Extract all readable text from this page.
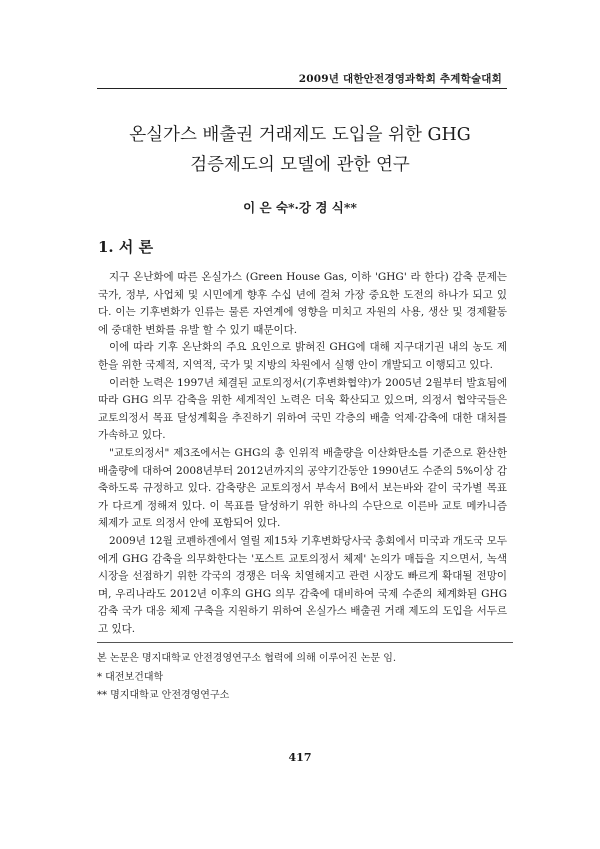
2009년 대한안전경영과학회 추계학술대회
온실가스 배출권 거래제도 도입을 위한 GHG
검증제도의 모델에 관한 연구
이 은 숙*·강 경 식**
1. 서 론

지구 온난화에 따른 온실가스 (Green House Gas, 이하 'GHG' 라 한다) 감축 문제는 국가, 정부, 사업체 및 시민에게 향후 수십 년에 걸쳐 가장 중요한 도전의 하나가 되고 있다. 이는 기후변화가 인류는 물론 자연계에 영향을 미치고 자원의 사용, 생산 및 경제활동에 중대한 변화를 유발 할 수 있기 때문이다.

이에 따라 기후 온난화의 주요 요인으로 밝혀진 GHG에 대해 지구대기권 내의 농도 제한을 위한 국제적, 지역적, 국가 및 지방의 차원에서 실행 안이 개발되고 이행되고 있다.

이러한 노력은 1997년 체결된 교토의정서(기후변화협약)가 2005년 2월부터 발효됨에 따라 GHG 의무 감축을 위한 세계적인 노력은 더욱 확산되고 있으며, 의정서 협약국들은 교토의정서 목표 달성계획을 추진하기 위하여 국민 각층의 배출 억제·감축에 대한 대처를 가속하고 있다.

"교토의정서" 제3조에서는 GHG의 총 인위적 배출량을 이산화탄소를 기준으로 환산한 배출량에 대하여 2008년부터 2012년까지의 공약기간동안 1990년도 수준의 5%이상 감축하도록 규정하고 있다. 감축량은 교토의정서 부속서 B에서 보는바와 같이 국가별 목표가 다르게 정해져 있다. 이 목표를 달성하기 위한 하나의 수단으로 이른바 교토 메카니즘 체제가 교토 의정서 안에 포함되어 있다.

2009년 12월 코펜하겐에서 열릴 제15차 기후변화당사국 총회에서 미국과 개도국 모두에게 GHG 감축을 의무화한다는 '포스트 교토의정서 체제' 논의가 매듭을 지으면서, 녹색시장을 선점하기 위한 각국의 경쟁은 더욱 치열해지고 관련 시장도 빠르게 확대될 전망이며, 우리나라도 2012년 이후의 GHG 의무 감축에 대비하여 국제 수준의 체계화된 GHG 감축 국가 대응 체제 구축을 지원하기 위하여 온실가스 배출권 거래 제도의 도입을 서두르고 있다.

본 논문은 명지대학교 안전경영연구소 협력에 의해 이루어진 논문 임.
* 대전보건대학
** 명지대학교 안전경영연구소
417
